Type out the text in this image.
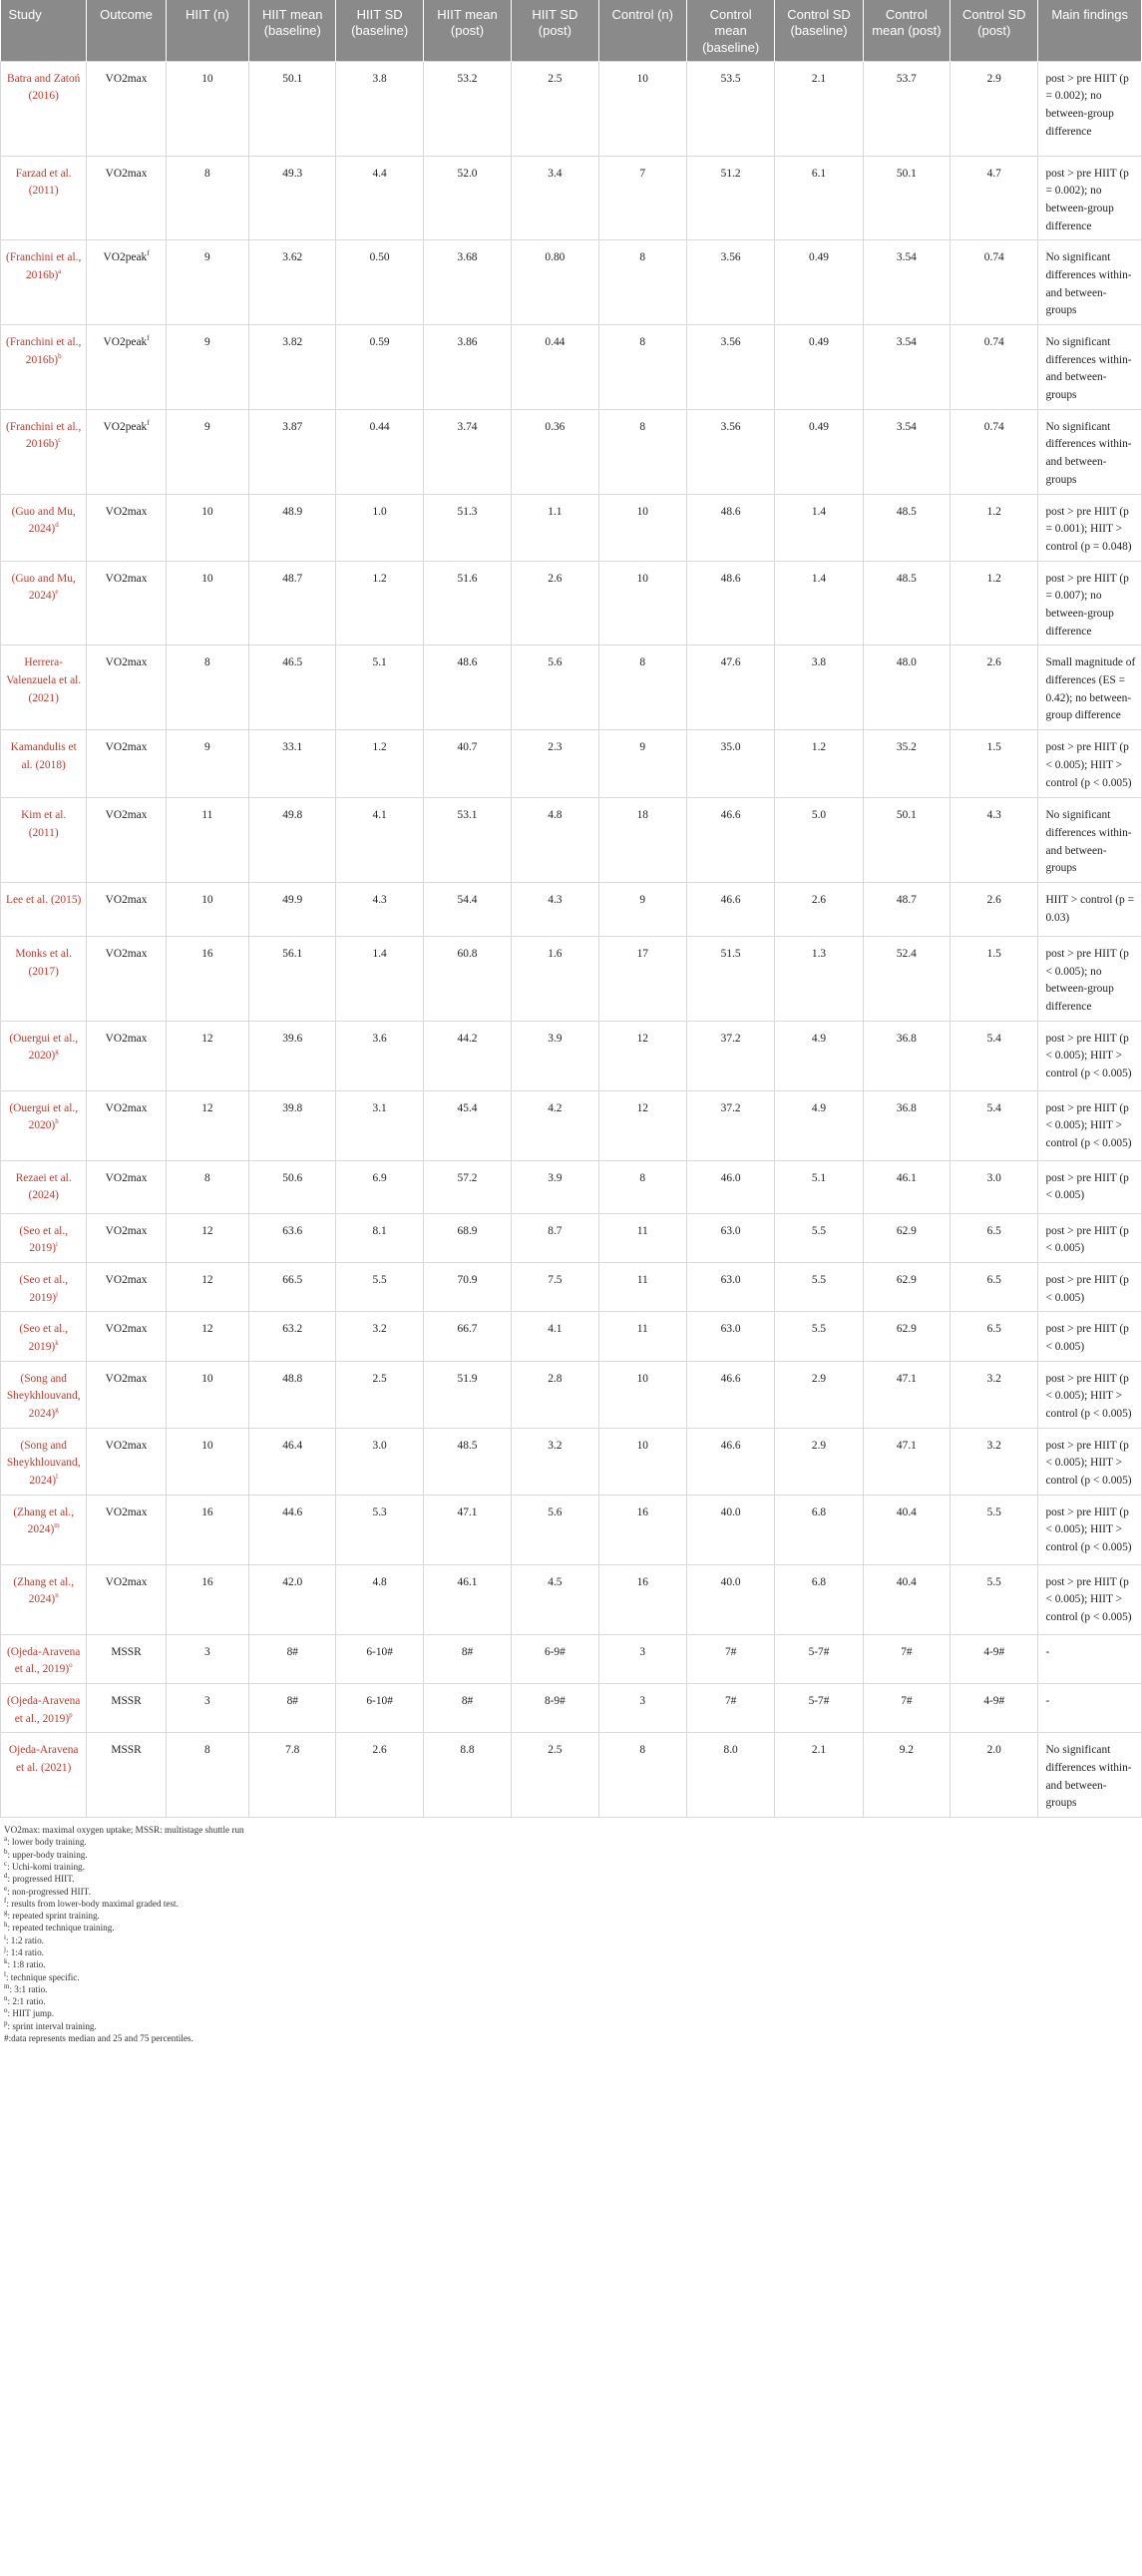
Study	Outcome	HIIT (n)	HIIT mean (baseline)	HIIT SD (baseline)	HIIT mean (post)	HIIT SD (post)	Control (n)	Control mean (baseline)	Control SD (baseline)	Control mean (post)	Control SD (post)	Main findings
Batra and Zatoń (2016)	VO2max	10	50.1	3.8	53.2	2.5	10	53.5	2.1	53.7	2.9	post > pre HIIT (p = 0.002); no between-group difference
Farzad et al. (2011)	VO2max	8	49.3	4.4	52.0	3.4	7	51.2	6.1	50.1	4.7	post > pre HIIT (p = 0.002); no between-group difference
(Franchini et al., 2016b)$^a$	VO2peak$^f$	9	3.62	0.50	3.68	0.80	8	3.56	0.49	3.54	0.74	No significant differences within- and between-groups
(Franchini et al., 2016b)$^b$	VO2peak$^f$	9	3.82	0.59	3.86	0.44	8	3.56	0.49	3.54	0.74	No significant differences within- and between-groups
(Franchini et al., 2016b)$^c$	VO2peak$^f$	9	3.87	0.44	3.74	0.36	8	3.56	0.49	3.54	0.74	No significant differences within- and between-groups
(Guo and Mu, 2024)$^d$	VO2max	10	48.9	1.0	51.3	1.1	10	48.6	1.4	48.5	1.2	post > pre HIIT (p = 0.001); HIIT > control (p = 0.048)
(Guo and Mu, 2024)$^e$	VO2max	10	48.7	1.2	51.6	2.6	10	48.6	1.4	48.5	1.2	post > pre HIIT (p = 0.007); no between-group difference
Herrera-Valenzuela et al. (2021)	VO2max	8	46.5	5.1	48.6	5.6	8	47.6	3.8	48.0	2.6	Small magnitude of differences (ES = 0.42); no between-group difference
Kamandulis et al. (2018)	VO2max	9	33.1	1.2	40.7	2.3	9	35.0	1.2	35.2	1.5	post > pre HIIT (p < 0.005); HIIT > control (p < 0.005)
Kim et al. (2011)	VO2max	11	49.8	4.1	53.1	4.8	18	46.6	5.0	50.1	4.3	No significant differences within- and between-groups
Lee et al. (2015)	VO2max	10	49.9	4.3	54.4	4.3	9	46.6	2.6	48.7	2.6	HIIT > control (p = 0.03)
Monks et al. (2017)	VO2max	16	56.1	1.4	60.8	1.6	17	51.5	1.3	52.4	1.5	post > pre HIIT (p < 0.005); no between-group difference
(Ouergui et al., 2020)$^g$	VO2max	12	39.6	3.6	44.2	3.9	12	37.2	4.9	36.8	5.4	post > pre HIIT (p < 0.005); HIIT > control (p < 0.005)
(Ouergui et al., 2020)$^h$	VO2max	12	39.8	3.1	45.4	4.2	12	37.2	4.9	36.8	5.4	post > pre HIIT (p < 0.005); HIIT > control (p < 0.005)
Rezaei et al. (2024)	VO2max	8	50.6	6.9	57.2	3.9	8	46.0	5.1	46.1	3.0	post > pre HIIT (p < 0.005)
(Seo et al., 2019)$^i$	VO2max	12	63.6	8.1	68.9	8.7	11	63.0	5.5	62.9	6.5	post > pre HIIT (p < 0.005)
(Seo et al., 2019)$^j$	VO2max	12	66.5	5.5	70.9	7.5	11	63.0	5.5	62.9	6.5	post > pre HIIT (p < 0.005)
(Seo et al., 2019)$^k$	VO2max	12	63.2	3.2	66.7	4.1	11	63.0	5.5	62.9	6.5	post > pre HIIT (p < 0.005)
(Song and Sheykhlouvand, 2024)$^g$	VO2max	10	48.8	2.5	51.9	2.8	10	46.6	2.9	47.1	3.2	post > pre HIIT (p < 0.005); HIIT > control (p < 0.005)
(Song and Sheykhlouvand, 2024)$^l$	VO2max	10	46.4	3.0	48.5	3.2	10	46.6	2.9	47.1	3.2	post > pre HIIT (p < 0.005); HIIT > control (p < 0.005)
(Zhang et al., 2024)$^m$	VO2max	16	44.6	5.3	47.1	5.6	16	40.0	6.8	40.4	5.5	post > pre HIIT (p < 0.005); HIIT > control (p < 0.005)
(Zhang et al., 2024)$^n$	VO2max	16	42.0	4.8	46.1	4.5	16	40.0	6.8	40.4	5.5	post > pre HIIT (p < 0.005); HIIT > control (p < 0.005)
(Ojeda-Aravena et al., 2019)$^o$	MSSR	3	8#	6-10#	8#	6-9#	3	7#	5-7#	7#	4-9#	-
(Ojeda-Aravena et al., 2019)$^p$	MSSR	3	8#	6-10#	8#	8-9#	3	7#	5-7#	7#	4-9#	-
Ojeda-Aravena et al. (2021)	MSSR	8	7.8	2.6	8.8	2.5	8	8.0	2.1	9.2	2.0	No significant differences within- and between-groups
VO2max: maximal oxygen uptake; MSSR: multistage shuttle run
$^a$: lower body training.
$^b$: upper-body training.
$^c$: Uchi-komi training.
$^d$: progressed HIIT.
$^e$: non-progressed HIIT.
$^f$: results from lower-body maximal graded test.
$^g$: repeated sprint training.
$^h$: repeated technique training.
$^i$: 1:2 ratio.
$^j$: 1:4 ratio.
$^k$: 1:8 ratio.
$^l$: technique specific.
$^m$: 3:1 ratio.
$^n$: 2:1 ratio.
$^o$: HIIT jump.
$^p$: sprint interval training.
#:data represents median and 25 and 75 percentiles.
